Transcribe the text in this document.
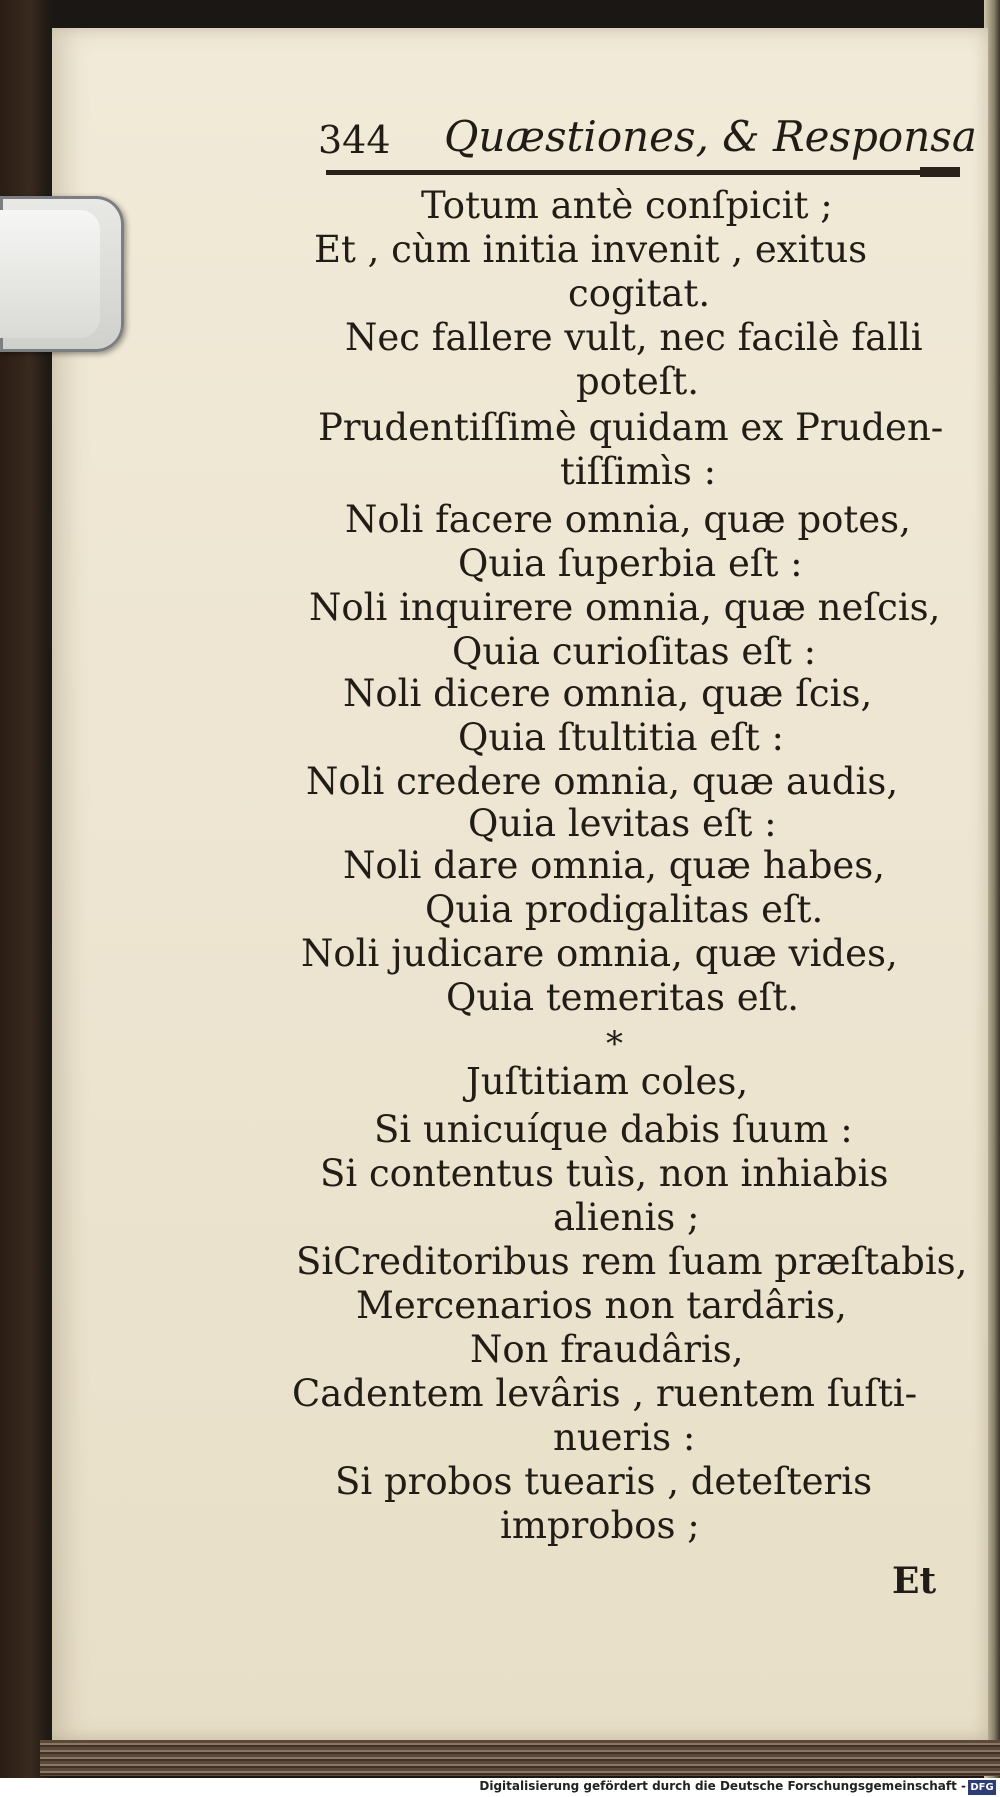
344 Quæstiones, & Responsa
Totum antè conſpicit ;
Et , cùm initia invenit , exitus
cogitat.
Nec fallere vult, nec facilè falli
poteſt.
Prudentiſſimè quidam ex Pruden-
tiſſimìs :
Noli facere omnia, quæ potes,
Quia ſuperbia eſt :
Noli inquirere omnia, quæ neſcis,
Quia curioſitas eſt :
Noli dicere omnia, quæ ſcis,
Quia ſtultitia eſt :
Noli credere omnia, quæ audis,
Quia levitas eſt :
Noli dare omnia, quæ habes,
Quia prodigalitas eſt.
Noli judicare omnia, quæ vides,
Quia temeritas eſt.
*
Juſtitiam coles,
Si unicuíque dabis ſuum :
Si contentus tuìs, non inhiabis
alienis ;
SiCreditoribus rem ſuam præſtabis,
Mercenarios non tardâris,
Non fraudâris,
Cadentem levâris , ruentem ſuſti-
nueris :
Si probos tuearis , deteſteris
improbos ;
Et
Digitalisierung gefördert durch die Deutsche Forschungsgemeinschaft - DFG
